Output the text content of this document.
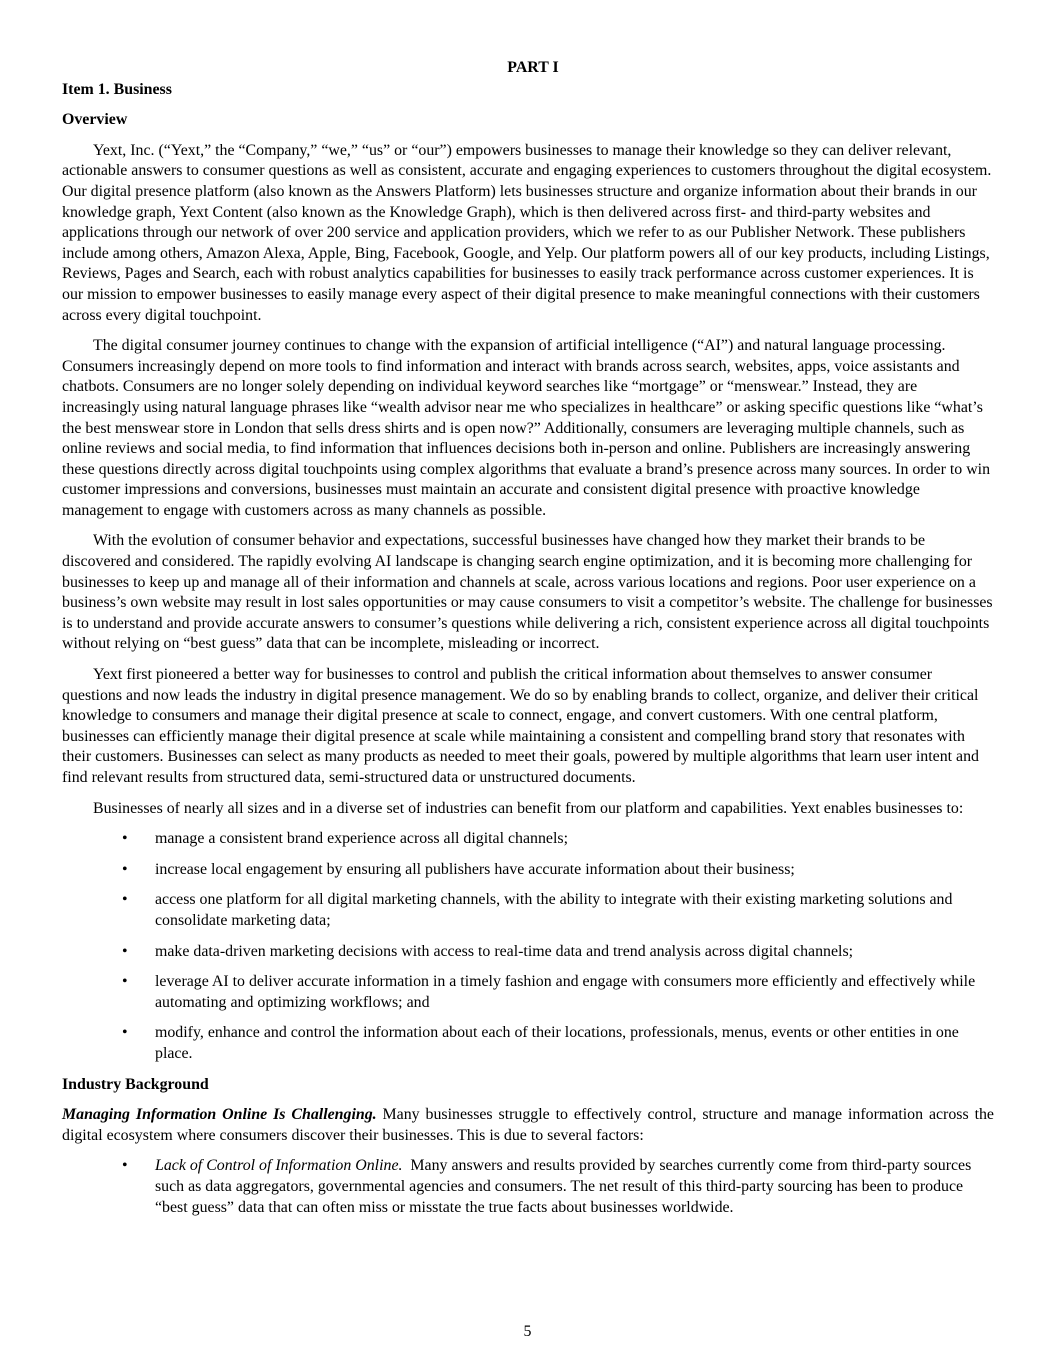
PART I
Item 1. Business
Overview

Yext, Inc. (“Yext,” the “Company,” “we,” “us” or “our”) empowers businesses to manage their knowledge so they can deliver relevant, actionable answers to consumer questions as well as consistent, accurate and engaging experiences to customers throughout the digital ecosystem. Our digital presence platform (also known as the Answers Platform) lets businesses structure and organize information about their brands in our knowledge graph, Yext Content (also known as the Knowledge Graph), which is then delivered across first- and third-party websites and applications through our network of over 200 service and application providers, which we refer to as our Publisher Network. These publishers include among others, Amazon Alexa, Apple, Bing, Facebook, Google, and Yelp. Our platform powers all of our key products, including Listings, Reviews, Pages and Search, each with robust analytics capabilities for businesses to easily track performance across customer experiences. It is our mission to empower businesses to easily manage every aspect of their digital presence to make meaningful connections with their customers across every digital touchpoint.

The digital consumer journey continues to change with the expansion of artificial intelligence (“AI”) and natural language processing. Consumers increasingly depend on more tools to find information and interact with brands across search, websites, apps, voice assistants and chatbots. Consumers are no longer solely depending on individual keyword searches like “mortgage” or “menswear.” Instead, they are increasingly using natural language phrases like “wealth advisor near me who specializes in healthcare” or asking specific questions like “what’s the best menswear store in London that sells dress shirts and is open now?” Additionally, consumers are leveraging multiple channels, such as online reviews and social media, to find information that influences decisions both in-person and online. Publishers are increasingly answering these questions directly across digital touchpoints using complex algorithms that evaluate a brand’s presence across many sources. In order to win customer impressions and conversions, businesses must maintain an accurate and consistent digital presence with proactive knowledge management to engage with customers across as many channels as possible.

With the evolution of consumer behavior and expectations, successful businesses have changed how they market their brands to be discovered and considered. The rapidly evolving AI landscape is changing search engine optimization, and it is becoming more challenging for businesses to keep up and manage all of their information and channels at scale, across various locations and regions. Poor user experience on a business’s own website may result in lost sales opportunities or may cause consumers to visit a competitor’s website. The challenge for businesses is to understand and provide accurate answers to consumer’s questions while delivering a rich, consistent experience across all digital touchpoints without relying on “best guess” data that can be incomplete, misleading or incorrect.

Yext first pioneered a better way for businesses to control and publish the critical information about themselves to answer consumer questions and now leads the industry in digital presence management. We do so by enabling brands to collect, organize, and deliver their critical knowledge to consumers and manage their digital presence at scale to connect, engage, and convert customers. With one central platform, businesses can efficiently manage their digital presence at scale while maintaining a consistent and compelling brand story that resonates with their customers. Businesses can select as many products as needed to meet their goals, powered by multiple algorithms that learn user intent and find relevant results from structured data, semi-structured data or unstructured documents.

Businesses of nearly all sizes and in a diverse set of industries can benefit from our platform and capabilities. Yext enables businesses to:

• manage a consistent brand experience across all digital channels;
• increase local engagement by ensuring all publishers have accurate information about their business;
• access one platform for all digital marketing channels, with the ability to integrate with their existing marketing solutions and consolidate marketing data;
• make data-driven marketing decisions with access to real-time data and trend analysis across digital channels;
• leverage AI to deliver accurate information in a timely fashion and engage with consumers more efficiently and effectively while automating and optimizing workflows; and
• modify, enhance and control the information about each of their locations, professionals, menus, events or other entities in one place.
Industry Background

Managing Information Online Is Challenging. Many businesses struggle to effectively control, structure and manage information across the digital ecosystem where consumers discover their businesses. This is due to several factors:

• Lack of Control of Information Online.  Many answers and results provided by searches currently come from third-party sources such as data aggregators, governmental agencies and consumers. The net result of this third-party sourcing has been to produce “best guess” data that can often miss or misstate the true facts about businesses worldwide.
5
